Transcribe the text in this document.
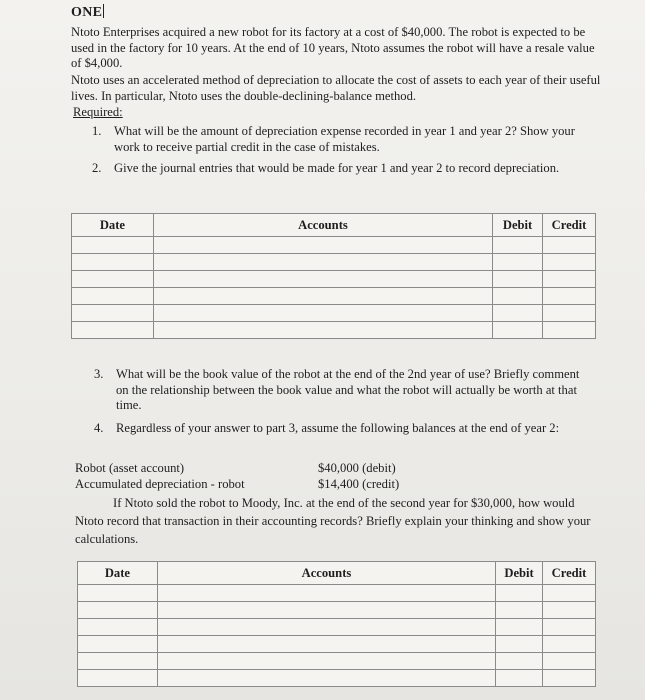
ONE
Ntoto Enterprises acquired a new robot for its factory at a cost of $40,000. The robot is expected to be used in the factory for 10 years. At the end of 10 years, Ntoto assumes the robot will have a resale value of $4,000.
Ntoto uses an accelerated method of depreciation to allocate the cost of assets to each year of their useful lives. In particular, Ntoto uses the double-declining-balance method.
Required:
1. What will be the amount of depreciation expense recorded in year 1 and year 2? Show your work to receive partial credit in the case of mistakes.
2. Give the journal entries that would be made for year 1 and year 2 to record depreciation.
Date	Accounts	Debit	Credit

3. What will be the book value of the robot at the end of the 2nd year of use? Briefly comment on the relationship between the book value and what the robot will actually be worth at that time.
4. Regardless of your answer to part 3, assume the following balances at the end of year 2:
Robot (asset account)	$40,000 (debit)
Accumulated depreciation - robot	$14,400 (credit)
If Ntoto sold the robot to Moody, Inc. at the end of the second year for $30,000, how would Ntoto record that transaction in their accounting records? Briefly explain your thinking and show your calculations.
Date	Accounts	Debit	Credit
